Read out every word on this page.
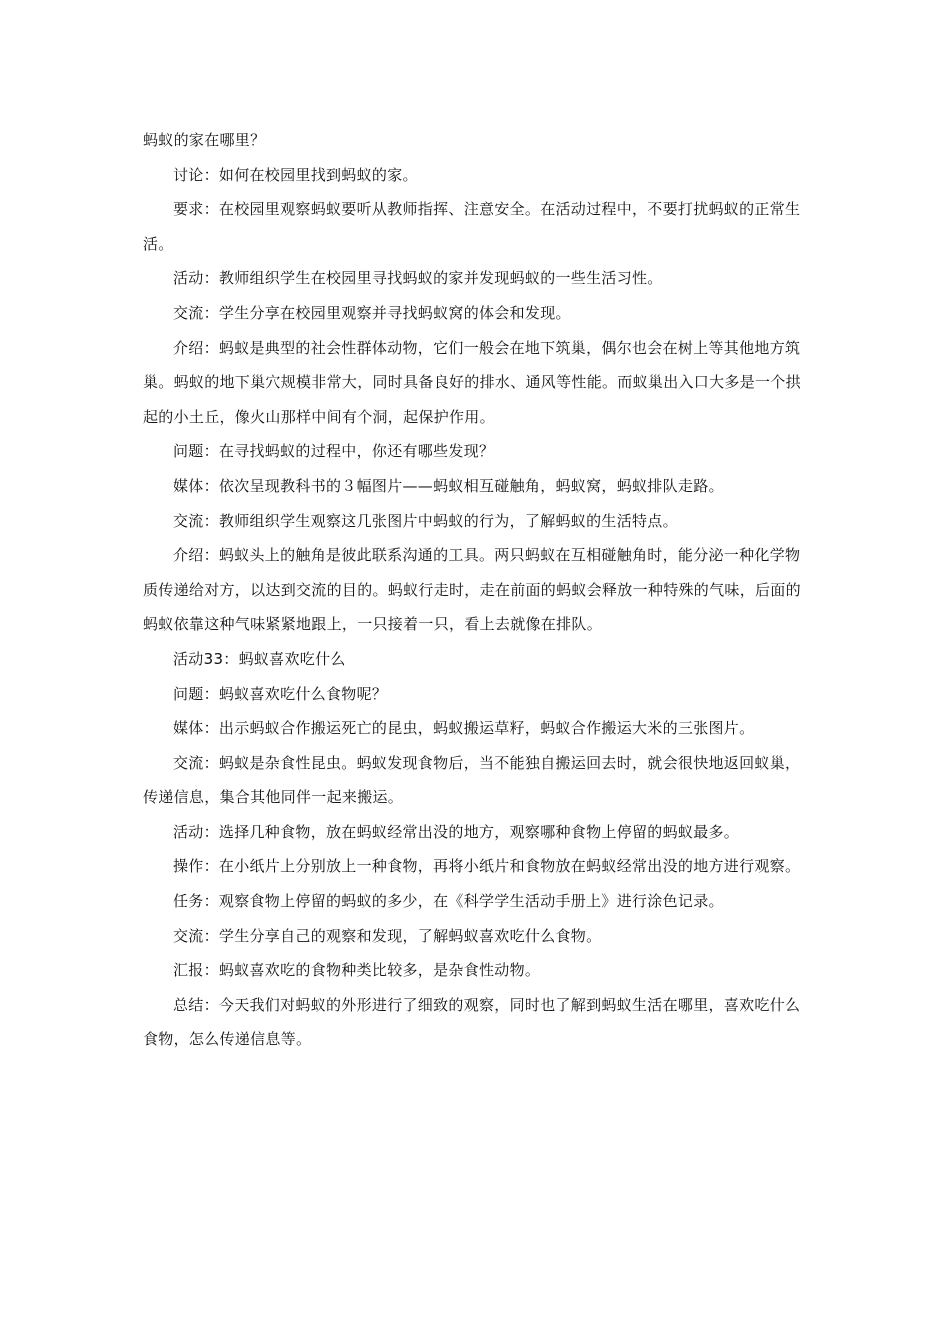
蚂蚁的家在哪里？

讨论：如何在校园里找到蚂蚁的家。

要求：在校园里观察蚂蚁要听从教师指挥、注意安全。在活动过程中，不要打扰蚂蚁的正常生活。

活动：教师组织学生在校园里寻找蚂蚁的家并发现蚂蚁的一些生活习性。

交流：学生分享在校园里观察并寻找蚂蚁窝的体会和发现。

介绍：蚂蚁是典型的社会性群体动物，它们一般会在地下筑巢，偶尔也会在树上等其他地方筑巢。蚂蚁的地下巢穴规模非常大，同时具备良好的排水、通风等性能。而蚁巢出入口大多是一个拱起的小土丘，像火山那样中间有个洞，起保护作用。

问题：在寻找蚂蚁的过程中，你还有哪些发现？

媒体：依次呈现教科书的３幅图片——蚂蚁相互碰触角，蚂蚁窝，蚂蚁排队走路。

交流：教师组织学生观察这几张图片中蚂蚁的行为，了解蚂蚁的生活特点。

介绍：蚂蚁头上的触角是彼此联系沟通的工具。两只蚂蚁在互相碰触角时，能分泌一种化学物质传递给对方，以达到交流的目的。蚂蚁行走时，走在前面的蚂蚁会释放一种特殊的气味，后面的蚂蚁依靠这种气味紧紧地跟上，一只接着一只，看上去就像在排队。

活动33：蚂蚁喜欢吃什么

问题：蚂蚁喜欢吃什么食物呢？

媒体：出示蚂蚁合作搬运死亡的昆虫，蚂蚁搬运草籽，蚂蚁合作搬运大米的三张图片。

交流：蚂蚁是杂食性昆虫。蚂蚁发现食物后，当不能独自搬运回去时，就会很快地返回蚁巢，传递信息，集合其他同伴一起来搬运。

活动：选择几种食物，放在蚂蚁经常出没的地方，观察哪种食物上停留的蚂蚁最多。

操作：在小纸片上分别放上一种食物，再将小纸片和食物放在蚂蚁经常出没的地方进行观察。

任务：观察食物上停留的蚂蚁的多少，在《科学学生活动手册上》进行涂色记录。

交流：学生分享自己的观察和发现，了解蚂蚁喜欢吃什么食物。

汇报：蚂蚁喜欢吃的食物种类比较多，是杂食性动物。

总结：今天我们对蚂蚁的外形进行了细致的观察，同时也了解到蚂蚁生活在哪里，喜欢吃什么食物，怎么传递信息等。
